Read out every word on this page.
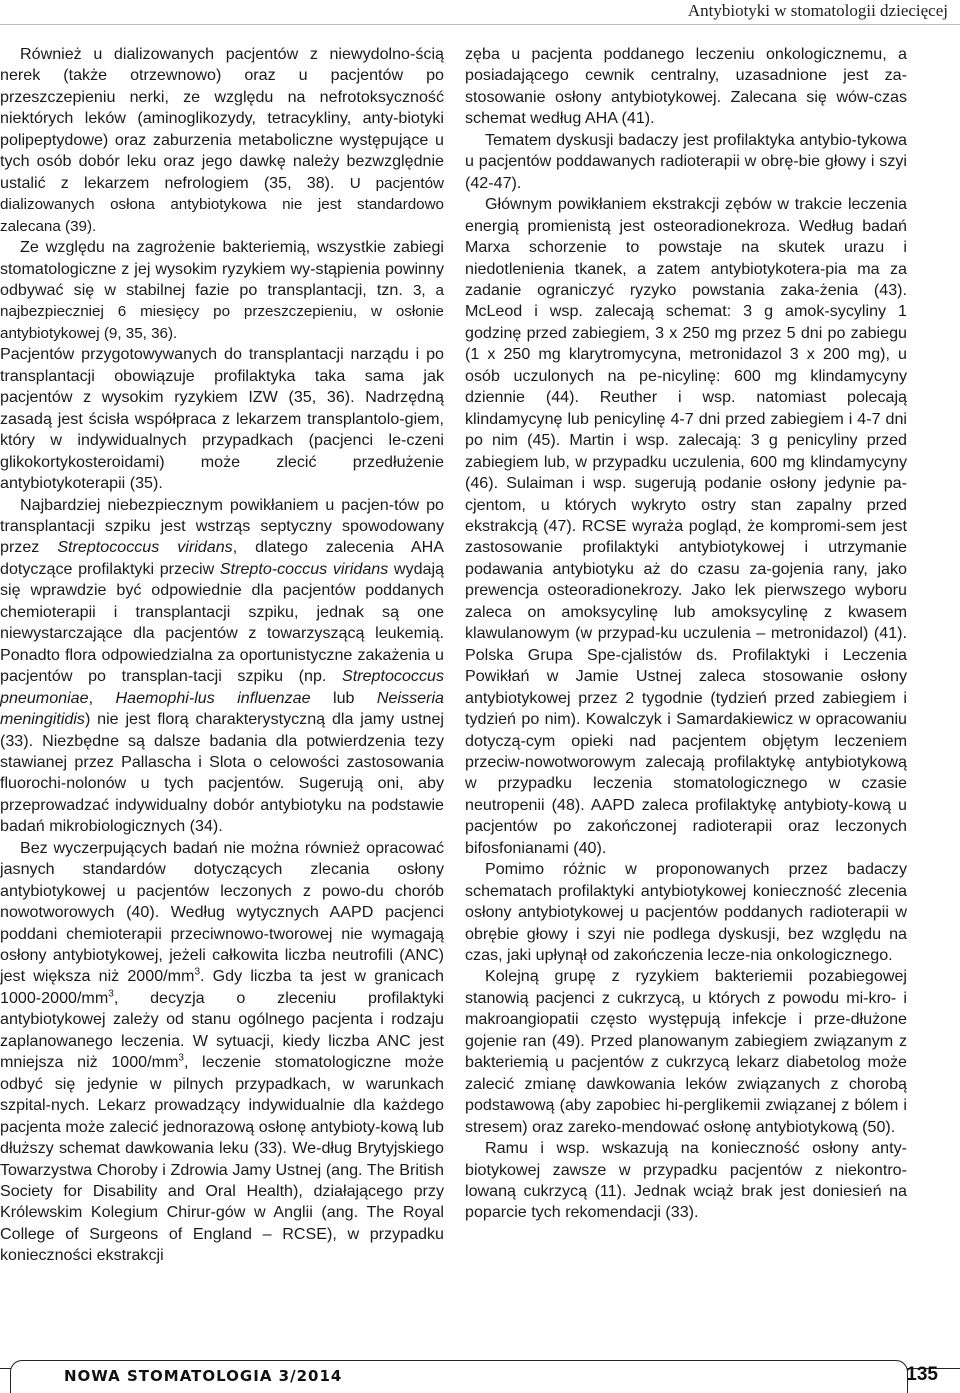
Antybiotyki w stomatologii dziecięcej

Również u dializowanych pacjentów z niewydolno-ścią nerek (także otrzewnowo) oraz u pacjentów po przeszczepieniu nerki, ze względu na nefrotoksyczność niektórych leków (aminoglikozydy, tetracykliny, anty-biotyki polipeptydowe) oraz zaburzenia metaboliczne występujące u tych osób dobór leku oraz jego dawkę należy bezwzględnie ustalić z lekarzem nefrologiem (35, 38). U pacjentów dializowanych osłona antybiotykowa nie jest standardowo zalecana (39).

Ze względu na zagrożenie bakteriemią, wszystkie zabiegi stomatologiczne z jej wysokim ryzykiem wy-stąpienia powinny odbywać się w stabilnej fazie po transplantacji, tzn. 3, a najbezpieczniej 6 miesięcy po przeszczepieniu, w osłonie antybiotykowej (9, 35, 36).

Pacjentów przygotowywanych do transplantacji narządu i po transplantacji obowiązuje profilaktyka taka sama jak pacjentów z wysokim ryzykiem IZW (35, 36). Nadrzędną zasadą jest ścisła współpraca z lekarzem transplantolo-giem, który w indywidualnych przypadkach (pacjenci le-czeni glikokortykosteroidami) może zlecić przedłużenie antybiotykoterapii (35).

Najbardziej niebezpiecznym powikłaniem u pacjen-tów po transplantacji szpiku jest wstrząs septyczny spowodowany przez Streptococcus viridans, dlatego zalecenia AHA dotyczące profilaktyki przeciw Strepto-coccus viridans wydają się wprawdzie być odpowiednie dla pacjentów poddanych chemioterapii i transplantacji szpiku, jednak są one niewystarczające dla pacjentów z towarzyszącą leukemią. Ponadto flora odpowiedzialna za oportunistyczne zakażenia u pacjentów po transplan-tacji szpiku (np. Streptococcus pneumoniae, Haemophi-lus influenzae lub Neisseria meningitidis) nie jest florą charakterystyczną dla jamy ustnej (33). Niezbędne są dalsze badania dla potwierdzenia tezy stawianej przez Pallascha i Slota o celowości zastosowania fluorochi-nolonów u tych pacjentów. Sugerują oni, aby przeprowadzać indywidualny dobór antybiotyku na podstawie badań mikrobiologicznych (34).

Bez wyczerpujących badań nie można również opracować jasnych standardów dotyczących zlecania osłony antybiotykowej u pacjentów leczonych z powo-du chorób nowotworowych (40). Według wytycznych AAPD pacjenci poddani chemioterapii przeciwnowo-tworowej nie wymagają osłony antybiotykowej, jeżeli całkowita liczba neutrofili (ANC) jest większa niż $2000/mm^3$. Gdy liczba ta jest w granicach $1000-2000/mm^3$, decyzja o zleceniu profilaktyki antybiotykowej zależy od stanu ogólnego pacjenta i rodzaju zaplanowanego leczenia. W sytuacji, kiedy liczba ANC jest mniejsza niż $1000/mm^3$, leczenie stomatologiczne może odbyć się jedynie w pilnych przypadkach, w warunkach szpital-nych. Lekarz prowadzący indywidualnie dla każdego pacjenta może zalecić jednorazową osłonę antybioty-kową lub dłuższy schemat dawkowania leku (33). We-dług Brytyjskiego Towarzystwa Choroby i Zdrowia Jamy Ustnej (ang. The British Society for Disability and Oral Health), działającego przy Królewskim Kolegium Chirur-gów w Anglii (ang. The Royal College of Surgeons of England – RCSE), w przypadku konieczności ekstrakcji

zęba u pacjenta poddanego leczeniu onkologicznemu, a posiadającego cewnik centralny, uzasadnione jest za-stosowanie osłony antybiotykowej. Zalecana się wów-czas schemat według AHA (41).

Tematem dyskusji badaczy jest profilaktyka antybio-tykowa u pacjentów poddawanych radioterapii w obrę-bie głowy i szyi (42-47).

Głównym powikłaniem ekstrakcji zębów w trakcie leczenia energią promienistą jest osteoradionekroza. Według badań Marxa schorzenie to powstaje na skutek urazu i niedotlenienia tkanek, a zatem antybiotykotera-pia ma za zadanie ograniczyć ryzyko powstania zaka-żenia (43). McLeod i wsp. zalecają schemat: 3 g amok-sycyliny 1 godzinę przed zabiegiem, 3 x 250 mg przez 5 dni po zabiegu (1 x 250 mg klarytromycyna, metronidazol 3 x 200 mg), u osób uczulonych na pe-nicylinę: 600 mg klindamycyny dziennie (44). Reuther i wsp. natomiast polecają klindamycynę lub penicylinę 4-7 dni przed zabiegiem i 4-7 dni po nim (45). Martin i wsp. zalecają: 3 g penicyliny przed zabiegiem lub, w przypadku uczulenia, 600 mg klindamycyny (46). Sulaiman i wsp. sugerują podanie osłony jedynie pa-cjentom, u których wykryto ostry stan zapalny przed ekstrakcją (47). RCSE wyraża pogląd, że kompromi-sem jest zastosowanie profilaktyki antybiotykowej i utrzymanie podawania antybiotyku aż do czasu za-gojenia rany, jako prewencja osteoradionekrozy. Jako lek pierwszego wyboru zaleca on amoksycylinę lub amoksycylinę z kwasem klawulanowym (w przypad-ku uczulenia – metronidazol) (41). Polska Grupa Spe-cjalistów ds. Profilaktyki i Leczenia Powikłań w Jamie Ustnej zaleca stosowanie osłony antybiotykowej przez 2 tygodnie (tydzień przed zabiegiem i tydzień po nim). Kowalczyk i Samardakiewicz w opracowaniu dotyczą-cym opieki nad pacjentem objętym leczeniem przeciw-nowotworowym zalecają profilaktykę antybiotykową w przypadku leczenia stomatologicznego w czasie neutropenii (48). AAPD zaleca profilaktykę antybioty-kową u pacjentów po zakończonej radioterapii oraz leczonych bifosfonianami (40).

Pomimo różnic w proponowanych przez badaczy schematach profilaktyki antybiotykowej konieczność zlecenia osłony antybiotykowej u pacjentów poddanych radioterapii w obrębie głowy i szyi nie podlega dyskusji, bez względu na czas, jaki upłynął od zakończenia lecze-nia onkologicznego.

Kolejną grupę z ryzykiem bakteriemii pozabiegowej stanowią pacjenci z cukrzycą, u których z powodu mi-kro- i makroangiopatii często występują infekcje i prze-dłużone gojenie ran (49). Przed planowanym zabiegiem związanym z bakteriemią u pacjentów z cukrzycą lekarz diabetolog może zalecić zmianę dawkowania leków związanych z chorobą podstawową (aby zapobiec hi-perglikemii związanej z bólem i stresem) oraz zareko-mendować osłonę antybiotykową (50).

Ramu i wsp. wskazują na konieczność osłony anty-biotykowej zawsze w przypadku pacjentów z niekontro-lowaną cukrzycą (11). Jednak wciąż brak jest doniesień na poparcie tych rekomendacji (33).

NOWA STOMATOLOGIA 3/2014	135
